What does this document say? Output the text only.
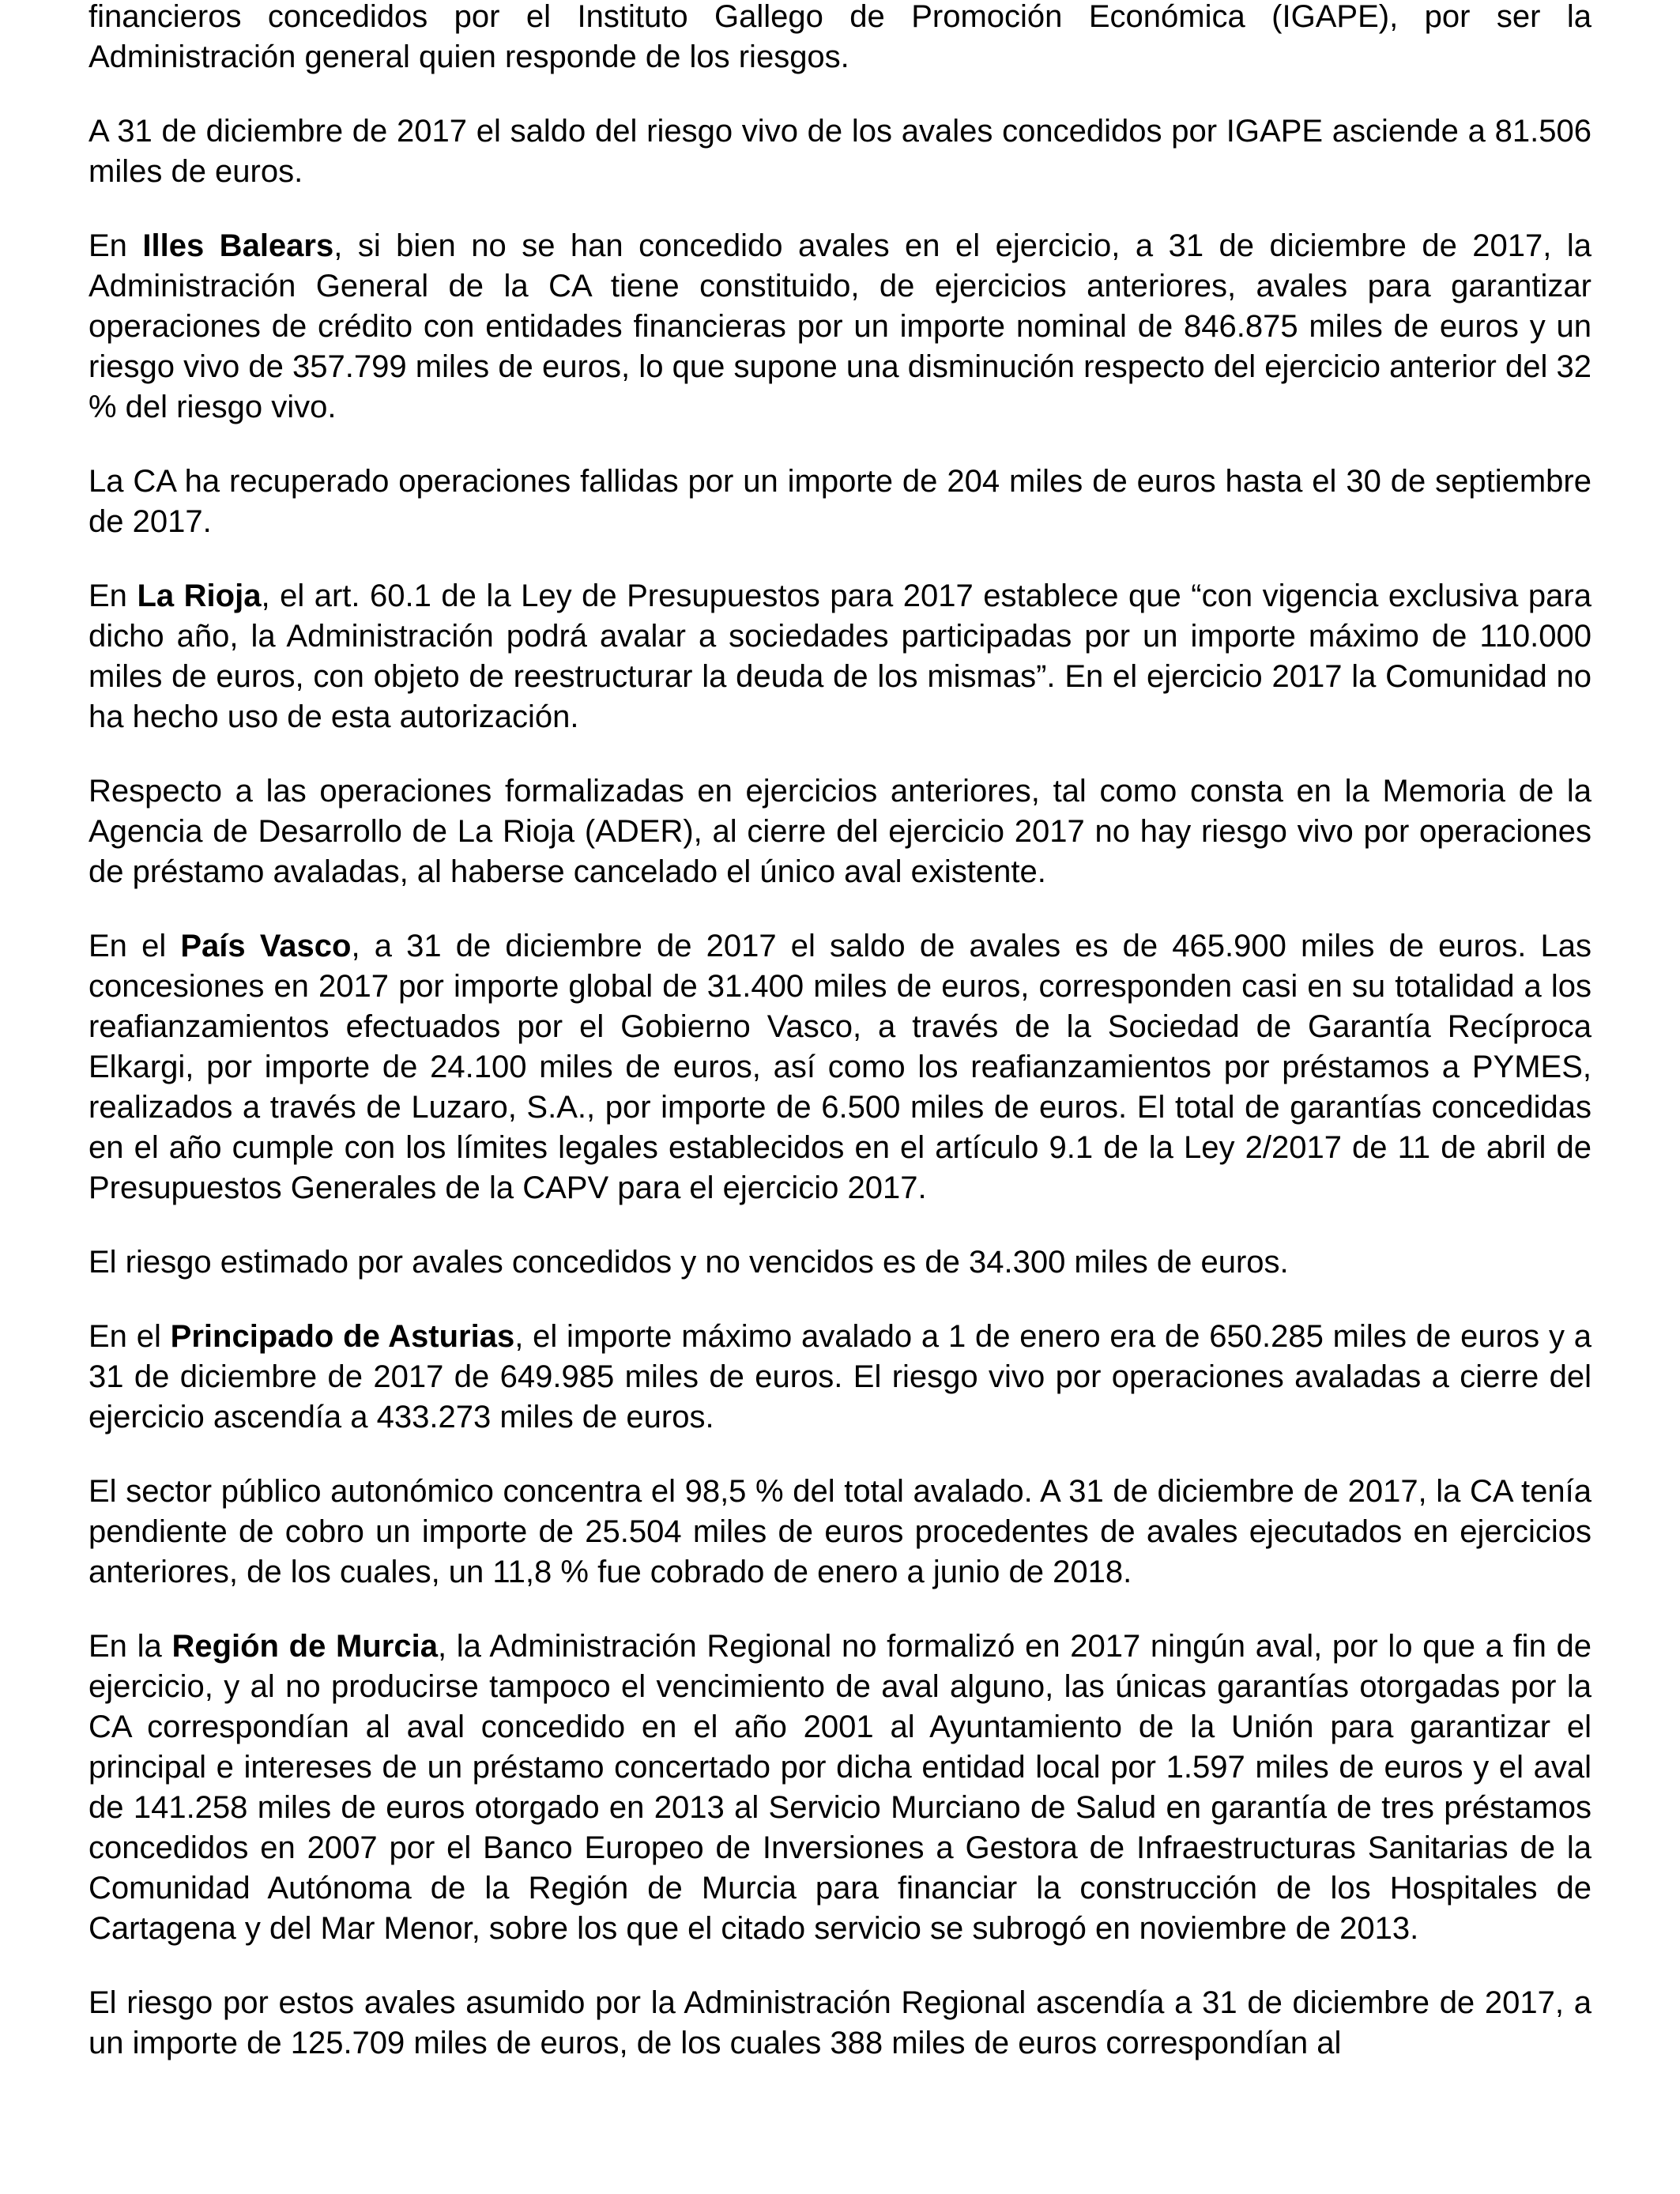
financieros concedidos por el Instituto Gallego de Promoción Económica (IGAPE), por ser la Administración general quien responde de los riesgos.

A 31 de diciembre de 2017 el saldo del riesgo vivo de los avales concedidos por IGAPE asciende a 81.506 miles de euros.

En Illes Balears, si bien no se han concedido avales en el ejercicio, a 31 de diciembre de 2017, la Administración General de la CA tiene constituido, de ejercicios anteriores, avales para garantizar operaciones de crédito con entidades financieras por un importe nominal de 846.875 miles de euros y un riesgo vivo de 357.799 miles de euros, lo que supone una disminución respecto del ejercicio anterior del 32 % del riesgo vivo.

La CA ha recuperado operaciones fallidas por un importe de 204 miles de euros hasta el 30 de septiembre de 2017.

En La Rioja, el art. 60.1 de la Ley de Presupuestos para 2017 establece que “con vigencia exclusiva para dicho año, la Administración podrá avalar a sociedades participadas por un importe máximo de 110.000 miles de euros, con objeto de reestructurar la deuda de los mismas”. En el ejercicio 2017 la Comunidad no ha hecho uso de esta autorización.

Respecto a las operaciones formalizadas en ejercicios anteriores, tal como consta en la Memoria de la Agencia de Desarrollo de La Rioja (ADER), al cierre del ejercicio 2017 no hay riesgo vivo por operaciones de préstamo avaladas, al haberse cancelado el único aval existente.

En el País Vasco, a 31 de diciembre de 2017 el saldo de avales es de 465.900 miles de euros. Las concesiones en 2017 por importe global de 31.400 miles de euros, corresponden casi en su totalidad a los reafianzamientos efectuados por el Gobierno Vasco, a través de la Sociedad de Garantía Recíproca Elkargi, por importe de 24.100 miles de euros, así como los reafianzamientos por préstamos a PYMES, realizados a través de Luzaro, S.A., por importe de 6.500 miles de euros. El total de garantías concedidas en el año cumple con los límites legales establecidos en el artículo 9.1 de la Ley 2/2017 de 11 de abril de Presupuestos Generales de la CAPV para el ejercicio 2017.

El riesgo estimado por avales concedidos y no vencidos es de 34.300 miles de euros.

En el Principado de Asturias, el importe máximo avalado a 1 de enero era de 650.285 miles de euros y a 31 de diciembre de 2017 de 649.985 miles de euros. El riesgo vivo por operaciones avaladas a cierre del ejercicio ascendía a 433.273 miles de euros.

El sector público autonómico concentra el 98,5 % del total avalado. A 31 de diciembre de 2017, la CA tenía pendiente de cobro un importe de 25.504 miles de euros procedentes de avales ejecutados en ejercicios anteriores, de los cuales, un 11,8 % fue cobrado de enero a junio de 2018.

En la Región de Murcia, la Administración Regional no formalizó en 2017 ningún aval, por lo que a fin de ejercicio, y al no producirse tampoco el vencimiento de aval alguno, las únicas garantías otorgadas por la CA correspondían al aval concedido en el año 2001 al Ayuntamiento de la Unión para garantizar el principal e intereses de un préstamo concertado por dicha entidad local por 1.597 miles de euros y el aval de 141.258 miles de euros otorgado en 2013 al Servicio Murciano de Salud en garantía de tres préstamos concedidos en 2007 por el Banco Europeo de Inversiones a Gestora de Infraestructuras Sanitarias de la Comunidad Autónoma de la Región de Murcia para financiar la construcción de los Hospitales de Cartagena y del Mar Menor, sobre los que el citado servicio se subrogó en noviembre de 2013.

El riesgo por estos avales asumido por la Administración Regional ascendía a 31 de diciembre de 2017, a un importe de 125.709 miles de euros, de los cuales 388 miles de euros correspondían al
